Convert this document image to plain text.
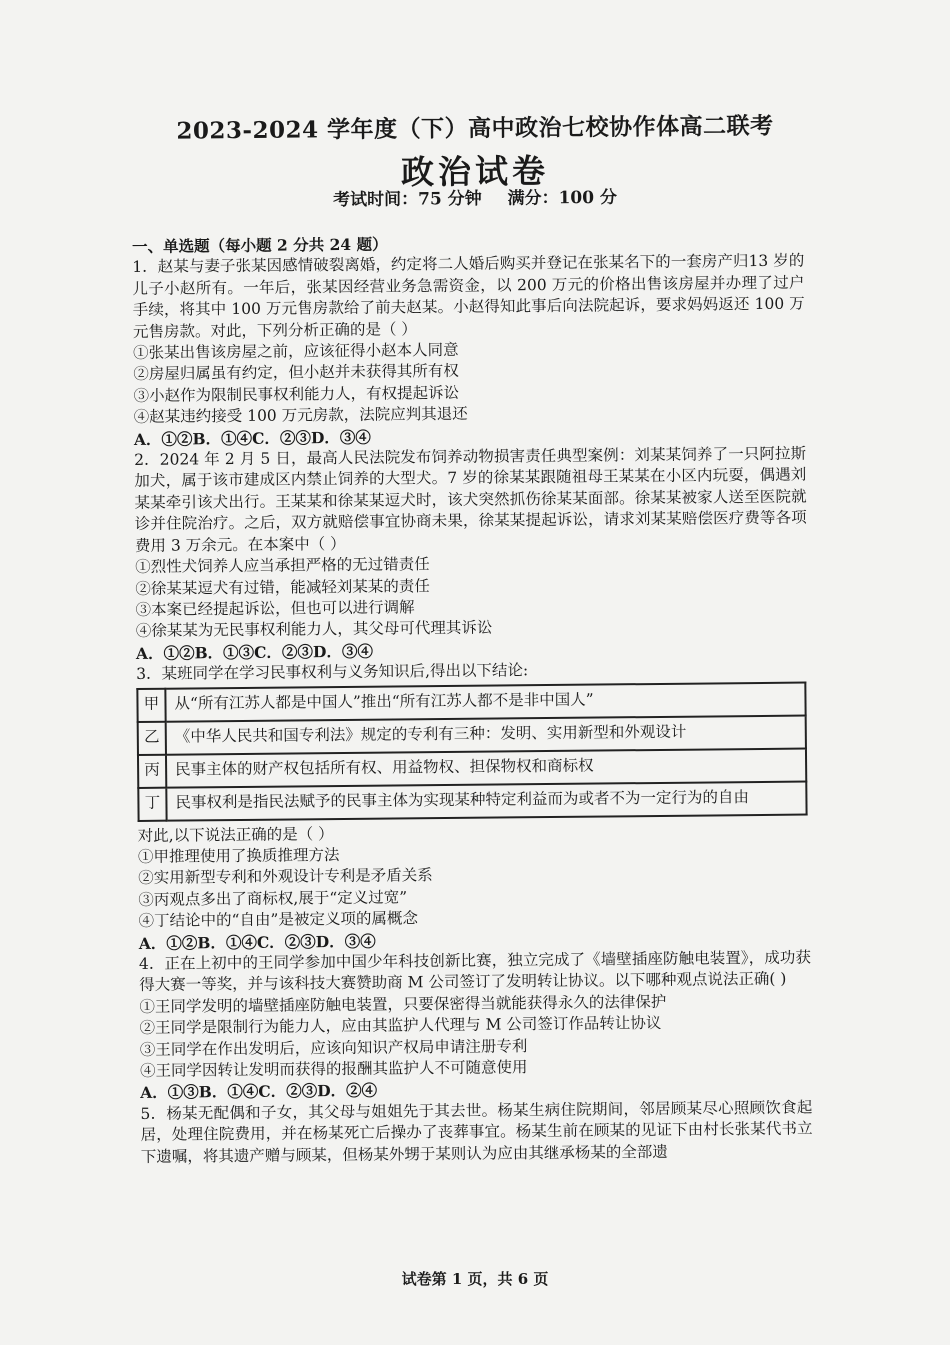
2023-2024 学年度（下）高中政治七校协作体高二联考
政治试卷
考试时间：75 分钟 满分：100 分
一、单选题（每小题 2 分共 24 题）
1．赵某与妻子张某因感情破裂离婚，约定将二人婚后购买并登记在张某名下的一套房产归13 岁的儿子小赵所有。一年后，张某因经营业务急需资金，以 200 万元的价格出售该房屋并办理了过户手续，将其中 100 万元售房款给了前夫赵某。小赵得知此事后向法院起诉，要求妈妈返还 100 万元售房款。对此，下列分析正确的是（ ）
①张某出售该房屋之前，应该征得小赵本人同意
②房屋归属虽有约定，但小赵并未获得其所有权
③小赵作为限制民事权利能力人，有权提起诉讼
④赵某违约接受 100 万元房款，法院应判其退还
A．①②B．①④C．②③D．③④
2．2024 年 2 月 5 日，最高人民法院发布饲养动物损害责任典型案例：刘某某饲养了一只阿拉斯加犬，属于该市建成区内禁止饲养的大型犬。7 岁的徐某某跟随祖母王某某在小区内玩耍，偶遇刘某某牵引该犬出行。王某某和徐某某逗犬时，该犬突然抓伤徐某某面部。徐某某被家人送至医院就诊并住院治疗。之后，双方就赔偿事宜协商未果，徐某某提起诉讼，请求刘某某赔偿医疗费等各项费用 3 万余元。在本案中（ ）
①烈性犬饲养人应当承担严格的无过错责任
②徐某某逗犬有过错，能减轻刘某某的责任
③本案已经提起诉讼，但也可以进行调解
④徐某某为无民事权利能力人，其父母可代理其诉讼
A．①②B．①③C．②③D．③④
3．某班同学在学习民事权利与义务知识后,得出以下结论:
甲	从“所有江苏人都是中国人”推出“所有江苏人都不是非中国人”
乙	《中华人民共和国专利法》规定的专利有三种：发明、实用新型和外观设计
丙	民事主体的财产权包括所有权、用益物权、担保物权和商标权
丁	民事权利是指民法赋予的民事主体为实现某种特定利益而为或者不为一定行为的自由
对此,以下说法正确的是（ ）
①甲推理使用了换质推理方法
②实用新型专利和外观设计专利是矛盾关系
③丙观点多出了商标权,展于“定义过宽”
④丁结论中的“自由”是被定义项的属概念
A．①②B．①④C．②③D．③④
4．正在上初中的王同学参加中国少年科技创新比赛，独立完成了《墙壁插座防触电装置》，成功获得大赛一等奖，并与该科技大赛赞助商 M 公司签订了发明转让协议。以下哪种观点说法正确( )
①王同学发明的墙壁插座防触电装置，只要保密得当就能获得永久的法律保护
②王同学是限制行为能力人，应由其监护人代理与 M 公司签订作品转让协议
③王同学在作出发明后，应该向知识产权局申请注册专利
④王同学因转让发明而获得的报酬其监护人不可随意使用
A．①③B．①④C．②③D．②④
5．杨某无配偶和子女，其父母与姐姐先于其去世。杨某生病住院期间，邻居顾某尽心照顾饮食起居，处理住院费用，并在杨某死亡后操办了丧葬事宜。杨某生前在顾某的见证下由村长张某代书立下遗嘱，将其遗产赠与顾某，但杨某外甥于某则认为应由其继承杨某的全部遗
试卷第 1 页，共 6 页
